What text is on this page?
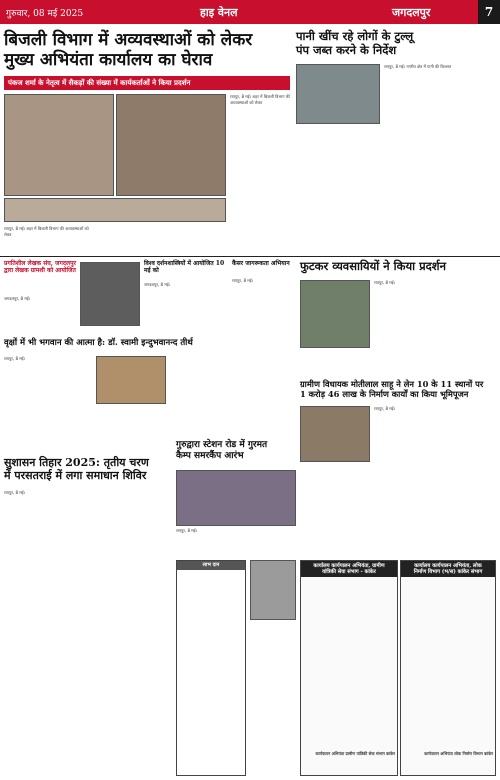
गुरुवार, 08 मई 2025	हाइ वेनल	जगदलपुर	7
बिजली विभाग में अव्यवस्थाओं को लेकर
मुख्य अभियंता कार्यालय का घेराव
पंकज शर्मा के नेतृत्व में सैकड़ों की संख्या में कार्यकर्ताओं ने किया प्रदर्शन
रायपुर, 8 मई। शहर में बिजली विभाग की अव्यवस्थाओं को लेकर
रायपुर, 8 मई। शहर में बिजली विभाग की अव्यवस्थाओं को लेकर
पानी खींच रहे लोगों के टुल्लू
पंप जब्त करने के निर्देश
रायपुर, 8 मई। नगरीय क्षेत्र में पानी की किल्लत
प्रगतिशील लेखक संघ, जगदलपुर द्वारा लेखक ग्रामशी को आयोजित
जगदलपुर, 8 मई।
विश्व दर्शनशास्त्रियों में आयोजित 10 मई को
जगदलपुर, 8 मई।
कैंसर जागरूकता अभियान
रायपुर, 8 मई।
वृक्षों में भी भगवान की आत्मा है: डॉ. स्वामी इन्दुभवानन्द तीर्थ
रायपुर, 8 मई।
फुटकर व्यवसायियों ने किया प्रदर्शन
रायपुर, 8 मई।
ग्रामीण विधायक मोतीलाल साहू ने लेन 10 के 11 स्थानों पर
1 करोड़ 46 लाख के निर्माण कार्यों का किया भूमिपूजन
रायपुर, 8 मई।
गुरुद्वारा स्टेशन रोड में गुरमत
कैम्प समरकैंप आरंभ
रायपुर, 8 मई।
सुशासन तिहार 2025: तृतीय चरण
में परसतराई में लगा समाधान शिविर
रायपुर, 8 मई।
लाभ दान	कार्यालय कार्यपालन अभियंता, ग्रामीण
यांत्रिकी सेवा संभाग - कांकेर
कार्यपालन अभियंता ग्रामीण यांत्रिकी सेवा संभाग कांकेर
कार्यालय कार्यपालन अभियंता, लोक
निर्माण विभाग (भ/स) कांकेर संभाग
कार्यपालन अभियंता लोक निर्माण विभाग कांकेर
